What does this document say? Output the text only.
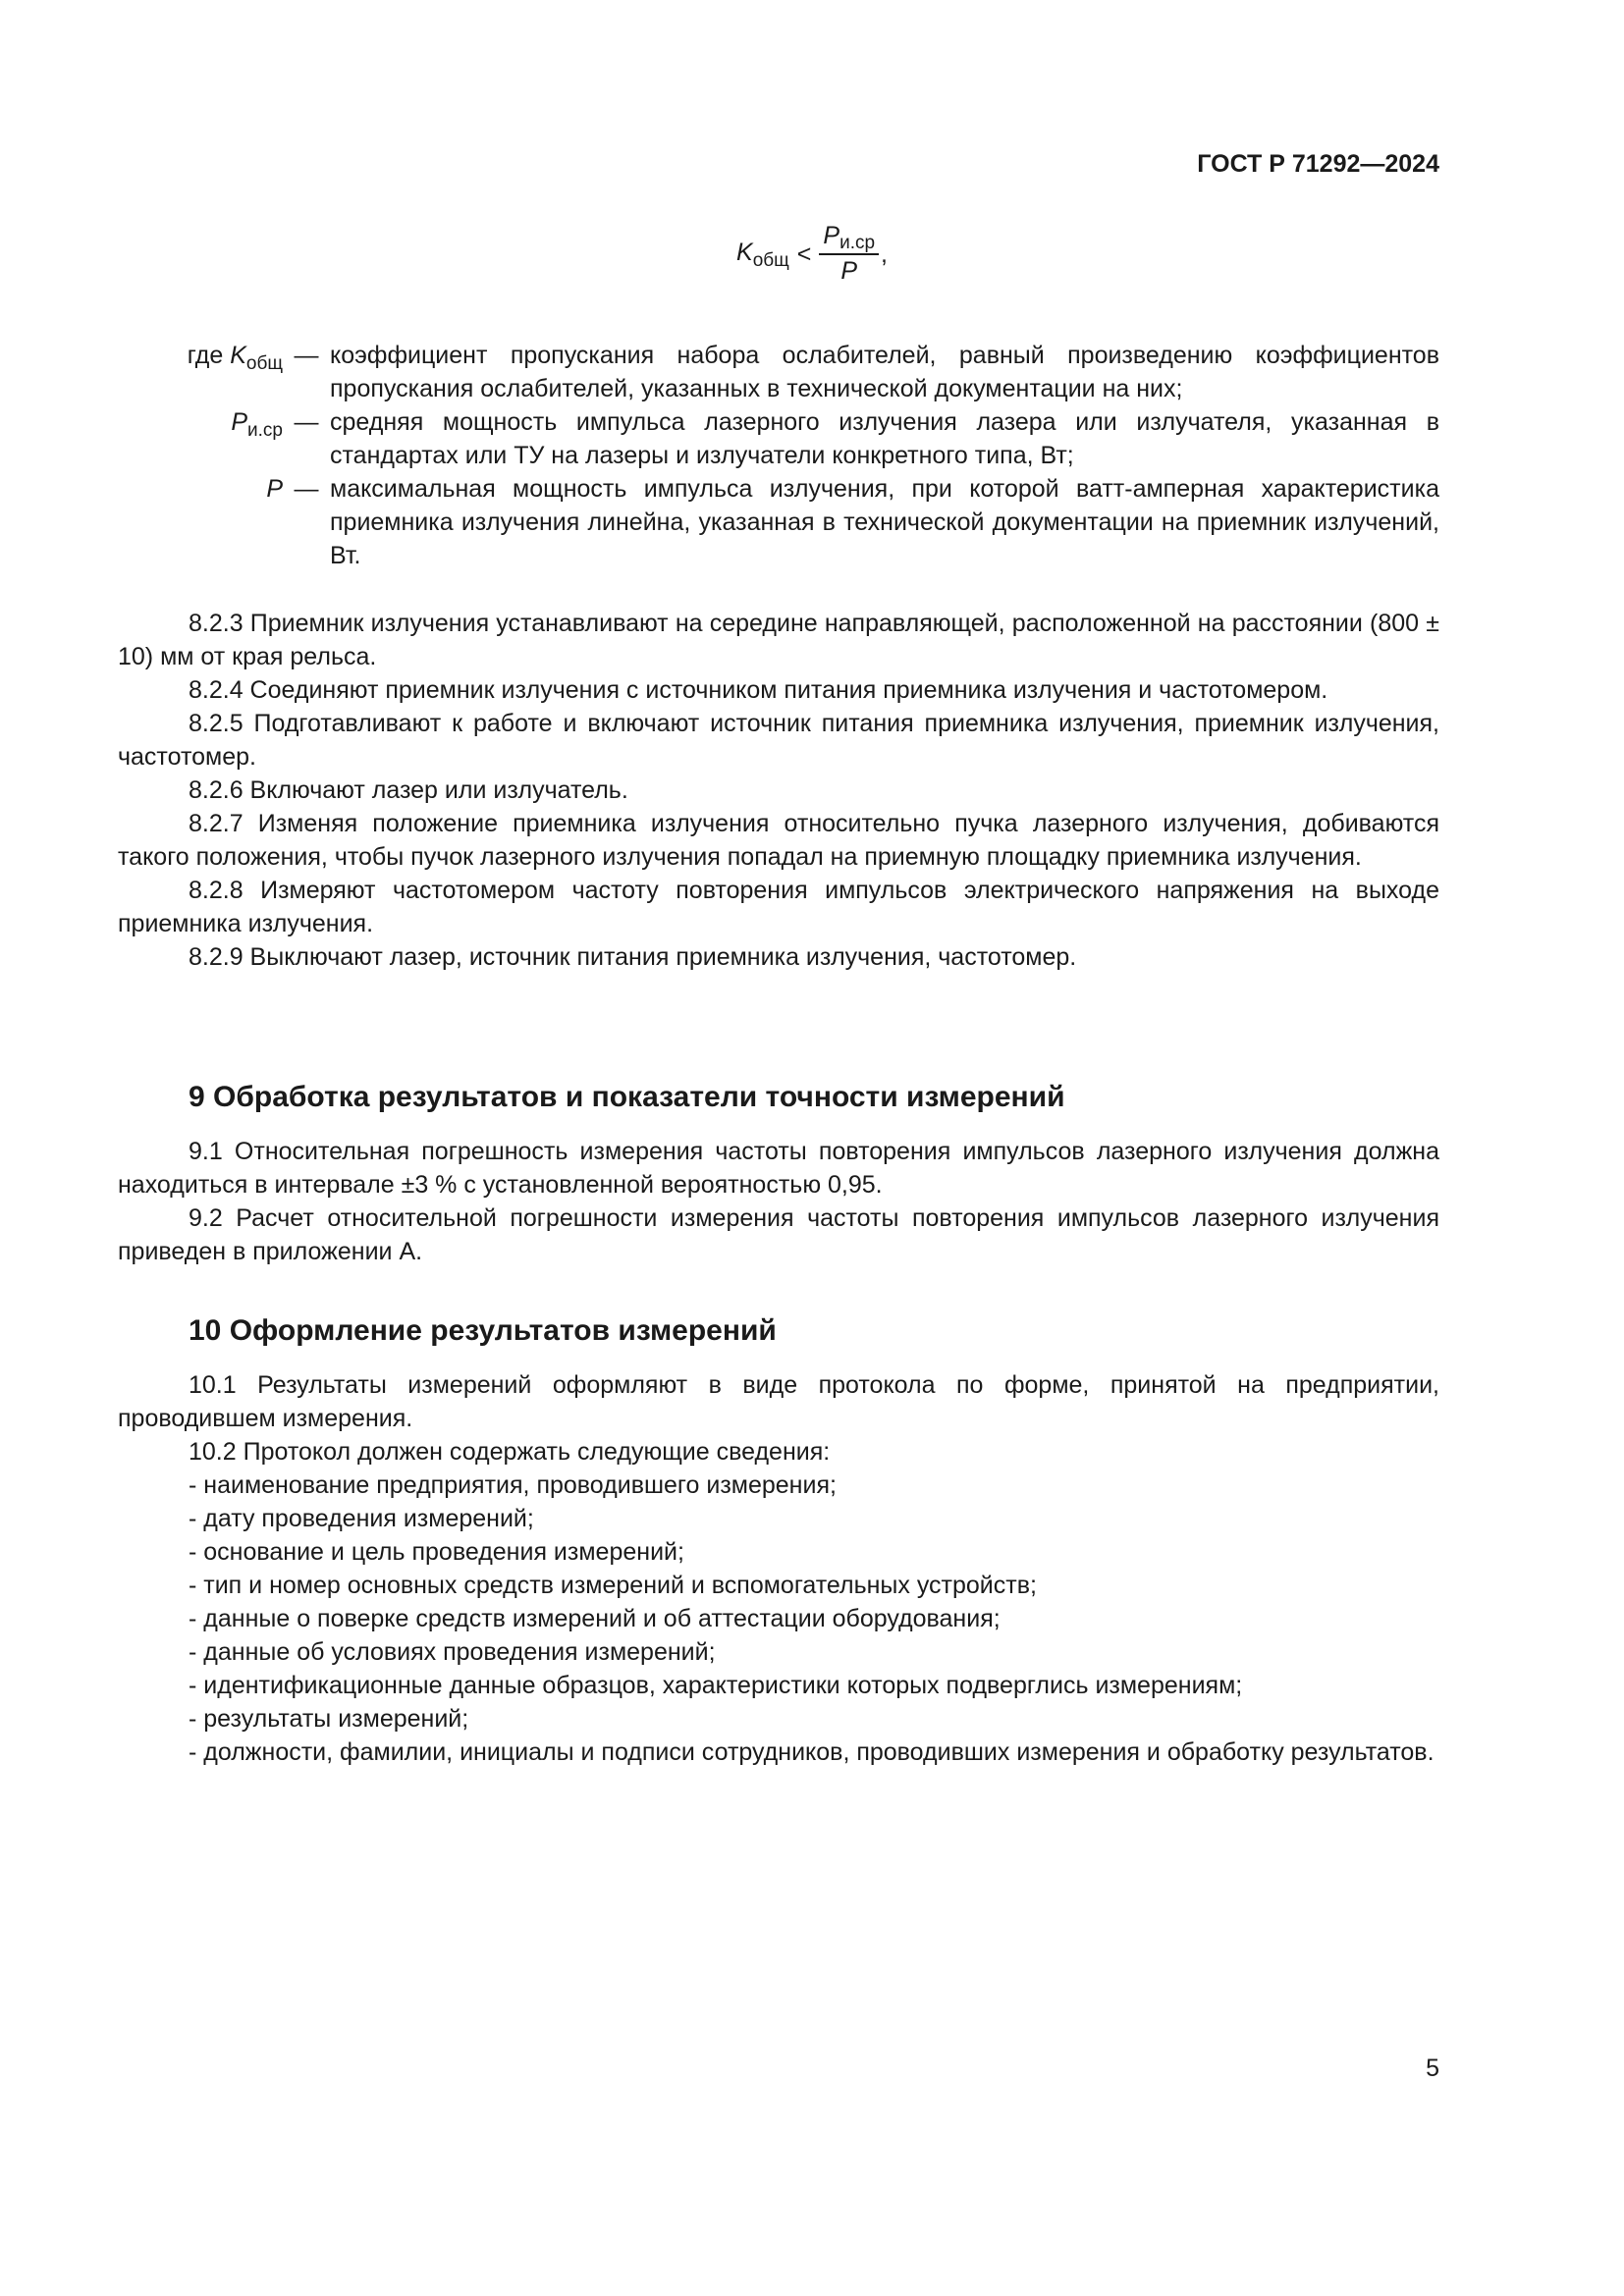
ГОСТ Р 71292—2024
K общ < $\frac{P_{и.ср}}{P}$ ,
где $K_{общ}$ — коэффициент пропускания набора ослабителей, равный произведению коэффициентов пропускания ослабителей, указанных в технической документации на них;
$P_{и.ср}$ — средняя мощность импульса лазерного излучения лазера или излучателя, указанная в стандартах или ТУ на лазеры и излучатели конкретного типа, Вт;
P — максимальная мощность импульса излучения, при которой ватт-амперная характеристика приемника излучения линейна, указанная в технической документации на приемник излучений, Вт.

8.2.3 Приемник излучения устанавливают на середине направляющей, расположенной на расстоянии (800 ± 10) мм от края рельса.

8.2.4 Соединяют приемник излучения с источником питания приемника излучения и частотомером.

8.2.5 Подготавливают к работе и включают источник питания приемника излучения, приемник излучения, частотомер.

8.2.6 Включают лазер или излучатель.

8.2.7 Изменяя положение приемника излучения относительно пучка лазерного излучения, добиваются такого положения, чтобы пучок лазерного излучения попадал на приемную площадку приемника излучения.

8.2.8 Измеряют частотомером частоту повторения импульсов электрического напряжения на выходе приемника излучения.

8.2.9 Выключают лазер, источник питания приемника излучения, частотомер.

9 Обработка результатов и показатели точности измерений

9.1 Относительная погрешность измерения частоты повторения импульсов лазерного излучения должна находиться в интервале ±3 % с установленной вероятностью 0,95.

9.2 Расчет относительной погрешности измерения частоты повторения импульсов лазерного излучения приведен в приложении А.

10 Оформление результатов измерений

10.1 Результаты измерений оформляют в виде протокола по форме, принятой на предприятии, проводившем измерения.

10.2 Протокол должен содержать следующие сведения:

- наименование предприятия, проводившего измерения;

- дату проведения измерений;

- основание и цель проведения измерений;

- тип и номер основных средств измерений и вспомогательных устройств;

- данные о поверке средств измерений и об аттестации оборудования;

- данные об условиях проведения измерений;

- идентификационные данные образцов, характеристики которых подверглись измерениям;

- результаты измерений;

- должности, фамилии, инициалы и подписи сотрудников, проводивших измерения и обработку результатов.

5
